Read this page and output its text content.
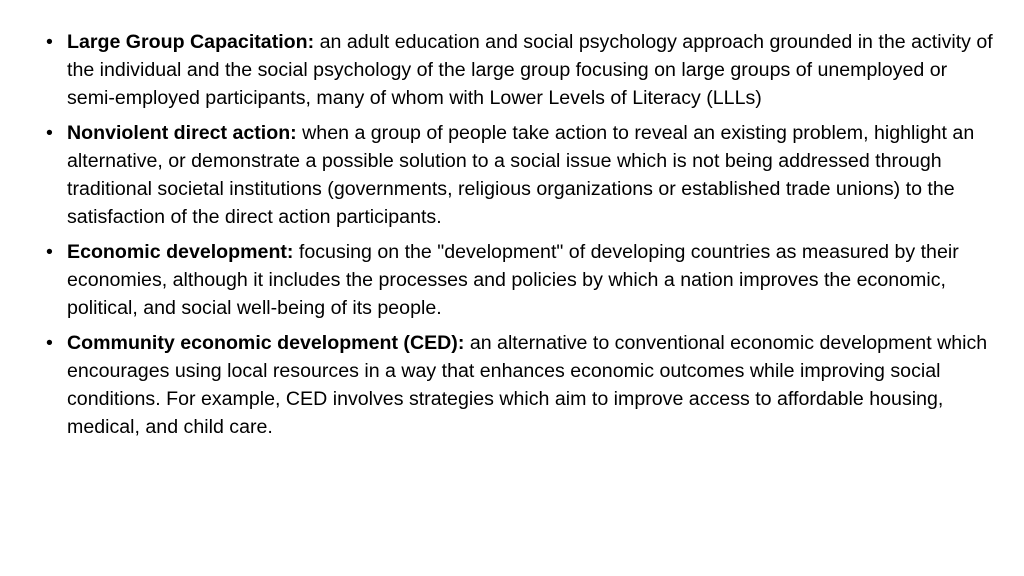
• Large Group Capacitation: an adult education and social psychology approach grounded in the activity of the individual and the social psychology of the large group focusing on large groups of unemployed or semi-employed participants, many of whom with Lower Levels of Literacy (LLLs)
• Nonviolent direct action: when a group of people take action to reveal an existing problem, highlight an alternative, or demonstrate a possible solution to a social issue which is not being addressed through traditional societal institutions (governments, religious organizations or established trade unions) to the satisfaction of the direct action participants.
• Economic development: focusing on the "development" of developing countries as measured by their economies, although it includes the processes and policies by which a nation improves the economic, political, and social well-being of its people.
• Community economic development (CED): an alternative to conventional economic development which encourages using local resources in a way that enhances economic outcomes while improving social conditions. For example, CED involves strategies which aim to improve access to affordable housing, medical, and child care.
